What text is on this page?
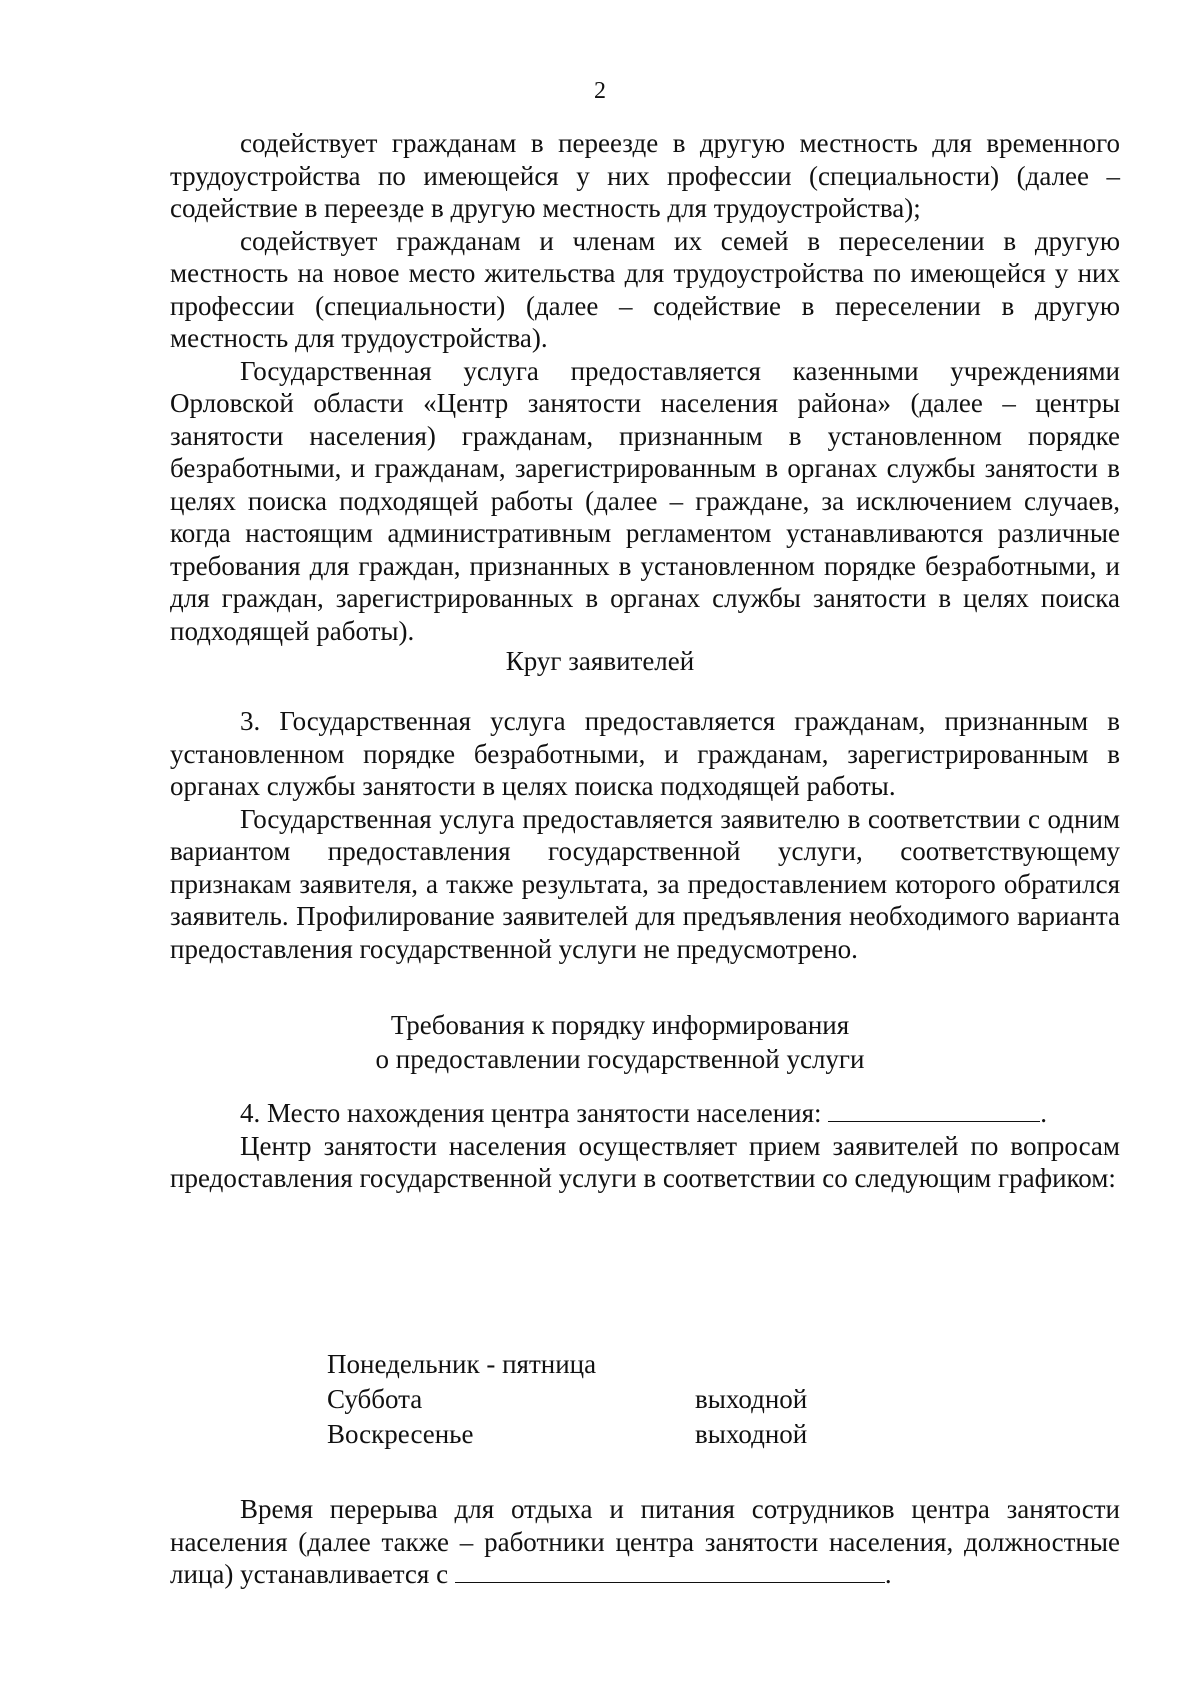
2

содействует гражданам в переезде в другую местность для временного трудоустройства по имеющейся у них профессии (специальности) (далее – содействие в переезде в другую местность для трудоустройства);

содействует гражданам и членам их семей в переселении в другую местность на новое место жительства для трудоустройства по имеющейся у них профессии (специальности) (далее – содействие в переселении в другую местность для трудоустройства).

Государственная услуга предоставляется казенными учреждениями Орловской области «Центр занятости населения района» (далее – центры занятости населения) гражданам, признанным в установленном порядке безработными, и гражданам, зарегистрированным в органах службы занятости в целях поиска подходящей работы (далее – граждане, за исключением случаев, когда настоящим административным регламентом устанавливаются различные требования для граждан, признанных в установленном порядке безработными, и для граждан, зарегистрированных в органах службы занятости в целях поиска подходящей работы).

Круг заявителей

3. Государственная услуга предоставляется гражданам, признанным в установленном порядке безработными, и гражданам, зарегистрированным в органах службы занятости в целях поиска подходящей работы.

Государственная услуга предоставляется заявителю в соответствии с одним вариантом предоставления государственной услуги, соответствующему признакам заявителя, а также результата, за предоставлением которого обратился заявитель. Профилирование заявителей для предъявления необходимого варианта предоставления государственной услуги не предусмотрено.

Требования к порядку информирования
о предоставлении государственной услуги

4. Место нахождения центра занятости населения:	.

Центр занятости населения осуществляет прием заявителей по вопросам предоставления государственной услуги в соответствии со следующим графиком:

Понедельник - пятница
Суббота	выходной
Воскресенье	выходной

Время перерыва для отдыха и питания сотрудников центра занятости населения (далее также – работники центра занятости населения, должностные лица) устанавливается с	.
